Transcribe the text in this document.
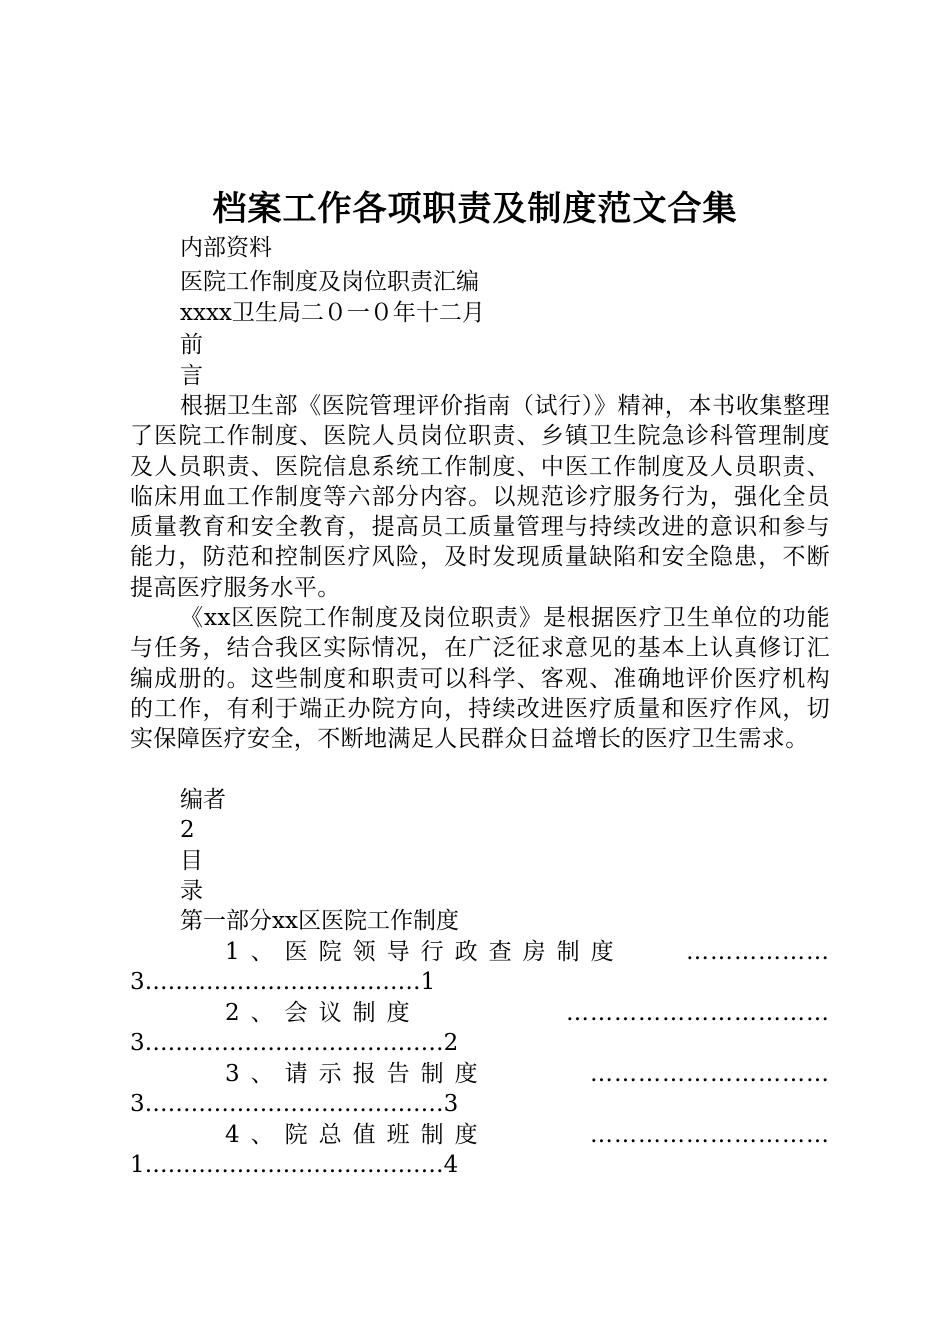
档案工作各项职责及制度范文合集
内部资料
医院工作制度及岗位职责汇编
xxxx卫生局二０一０年十二月
前
言
根据卫生部《医院管理评价指南（试行）》精神，本书收集整理了医院工作制度、医院人员岗位职责、乡镇卫生院急诊科管理制度及人员职责、医院信息系统工作制度、中医工作制度及人员职责、临床用血工作制度等六部分内容。以规范诊疗服务行为，强化全员质量教育和安全教育，提高员工质量管理与持续改进的意识和参与能力，防范和控制医疗风险，及时发现质量缺陷和安全隐患，不断提高医疗服务水平。
《xx区医院工作制度及岗位职责》是根据医疗卫生单位的功能与任务，结合我区实际情况，在广泛征求意见的基本上认真修订汇编成册的。这些制度和职责可以科学、客观、准确地评价医疗机构的工作，有利于端正办院方向，持续改进医疗质量和医疗作风，切实保障医疗安全，不断地满足人民群众日益增长的医疗卫生需求。
编者
2
目
录
第一部分xx区医院工作制度
1、医院领导行政查房制度	………………
3………………………………1
2、会议制度	……………………………
3…………………………………2
3、请示报告制度	…………………………
3…………………………………3
4、院总值班制度	…………………………
1…………………………………4
